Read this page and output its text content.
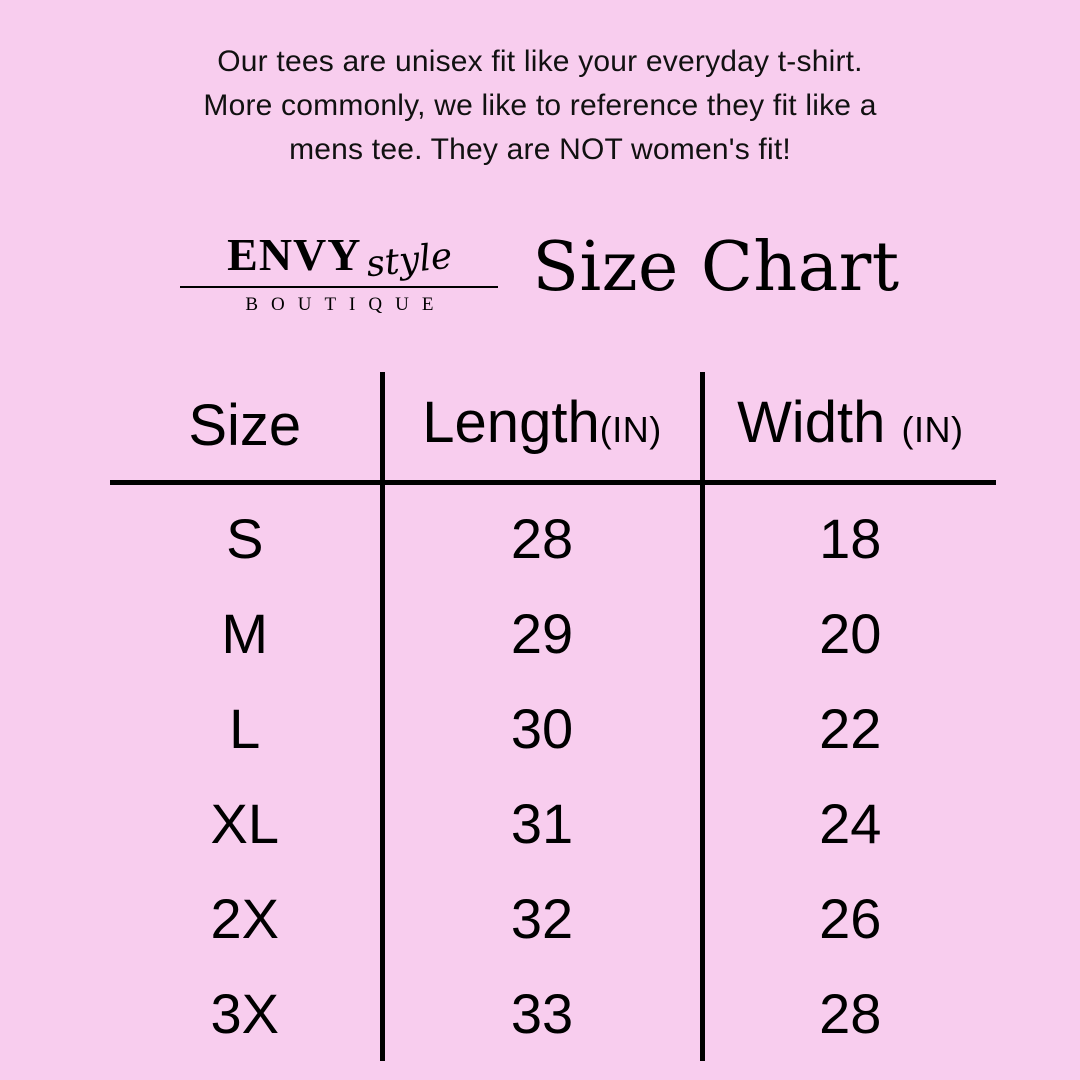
Our tees are unisex fit like your everyday t-shirt.
More commonly, we like to reference they fit like a
mens tee. They are NOT women's fit!
ENVY style
BOUTIQUE	Size Chart
Size	Length(IN)	Width (IN)
S	28	18
M	29	20
L	30	22
XL	31	24
2X	32	26
3X	33	28
